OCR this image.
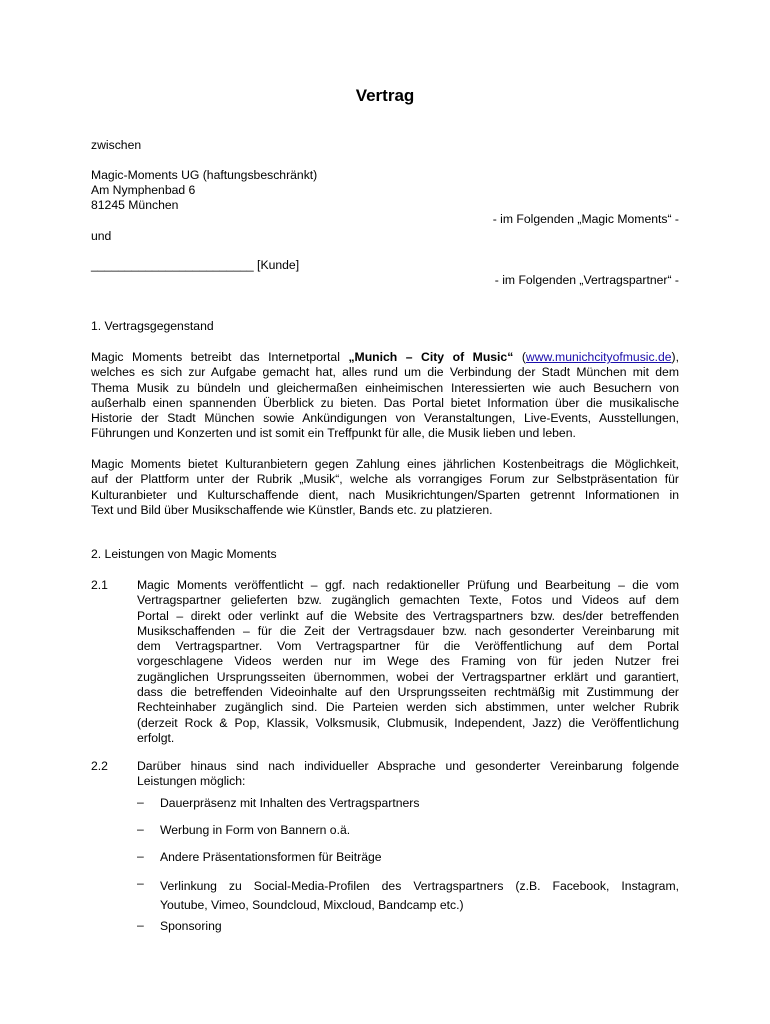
Vertrag
zwischen
Magic-Moments UG (haftungsbeschränkt)
Am Nymphenbad 6
81245 München
- im Folgenden „Magic Moments“ -
und
________________________ [Kunde]
- im Folgenden „Vertragspartner“ -
1. Vertragsgegenstand
Magic Moments betreibt das Internetportal „Munich – City of Music“ (www.munichcityofmusic.de),
welches es sich zur Aufgabe gemacht hat, alles rund um die Verbindung der Stadt München mit dem
Thema Musik zu bündeln und gleichermaßen einheimischen Interessierten wie auch Besuchern von
außerhalb einen spannenden Überblick zu bieten. Das Portal bietet Information über die musikalische
Historie der Stadt München sowie Ankündigungen von Veranstaltungen, Live-Events, Ausstellungen,
Führungen und Konzerten und ist somit ein Treffpunkt für alle, die Musik lieben und leben.
Magic Moments bietet Kulturanbietern gegen Zahlung eines jährlichen Kostenbeitrags die Möglichkeit,
auf der Plattform unter der Rubrik „Musik“, welche als vorrangiges Forum zur Selbstpräsentation für
Kulturanbieter und Kulturschaffende dient, nach Musikrichtungen/Sparten getrennt Informationen in
Text und Bild über Musikschaffende wie Künstler, Bands etc. zu platzieren.
2. Leistungen von Magic Moments
2.1 Magic Moments veröffentlicht – ggf. nach redaktioneller Prüfung und Bearbeitung – die vom
Vertragspartner gelieferten bzw. zugänglich gemachten Texte, Fotos und Videos auf dem
Portal – direkt oder verlinkt auf die Website des Vertragspartners bzw. des/der betreffenden
Musikschaffenden – für die Zeit der Vertragsdauer bzw. nach gesonderter Vereinbarung mit
dem Vertragspartner. Vom Vertragspartner für die Veröffentlichung auf dem Portal
vorgeschlagene Videos werden nur im Wege des Framing von für jeden Nutzer frei
zugänglichen Ursprungsseiten übernommen, wobei der Vertragspartner erklärt und garantiert,
dass die betreffenden Videoinhalte auf den Ursprungsseiten rechtmäßig mit Zustimmung der
Rechteinhaber zugänglich sind. Die Parteien werden sich abstimmen, unter welcher Rubrik
(derzeit Rock & Pop, Klassik, Volksmusik, Clubmusik, Independent, Jazz) die Veröffentlichung
erfolgt.
2.2 Darüber hinaus sind nach individueller Absprache und gesonderter Vereinbarung folgende
Leistungen möglich:
– Dauerpräsenz mit Inhalten des Vertragspartners
– Werbung in Form von Bannern o.ä.
– Andere Präsentationsformen für Beiträge
– Verlinkung zu Social-Media-Profilen des Vertragspartners (z.B. Facebook, Instagram,
Youtube, Vimeo, Soundcloud, Mixcloud, Bandcamp etc.)
– Sponsoring
